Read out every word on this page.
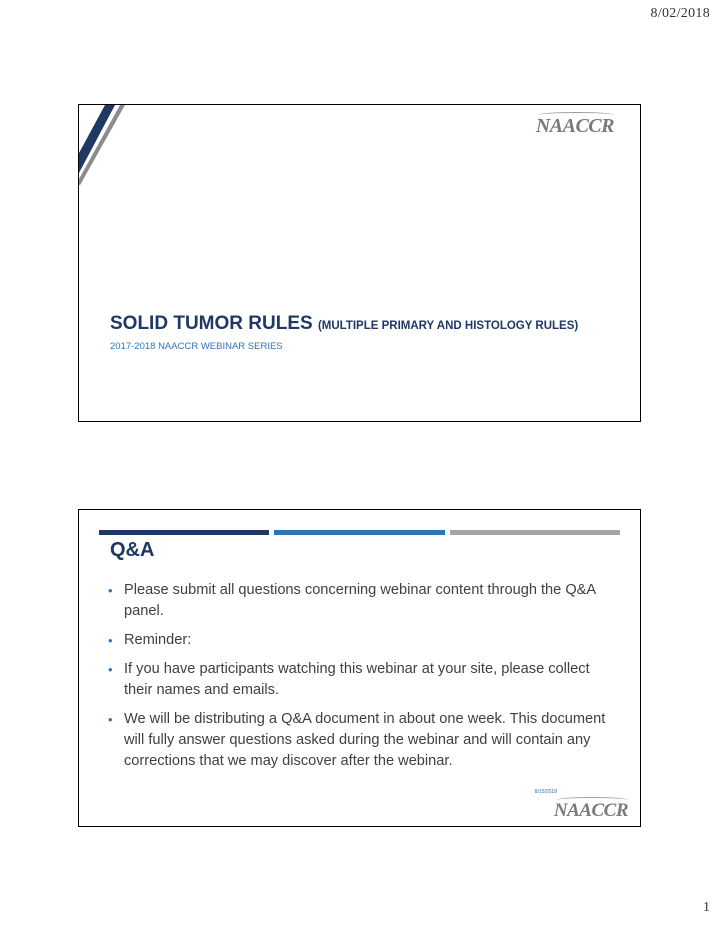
8/02/2018
NAACCR
SOLID TUMOR RULES (MULTIPLE PRIMARY AND HISTOLOGY RULES)
2017-2018 NAACCR WEBINAR SERIES
Q&A
• Please submit all questions concerning webinar content through the Q&A panel.
• Reminder:
• If you have participants watching this webinar at your site, please collect their names and emails.
• We will be distributing a Q&A document in about one week. This document will fully answer questions asked during the webinar and will contain any corrections that we may discover after the webinar.
8/15/2018
NAACCR
1
